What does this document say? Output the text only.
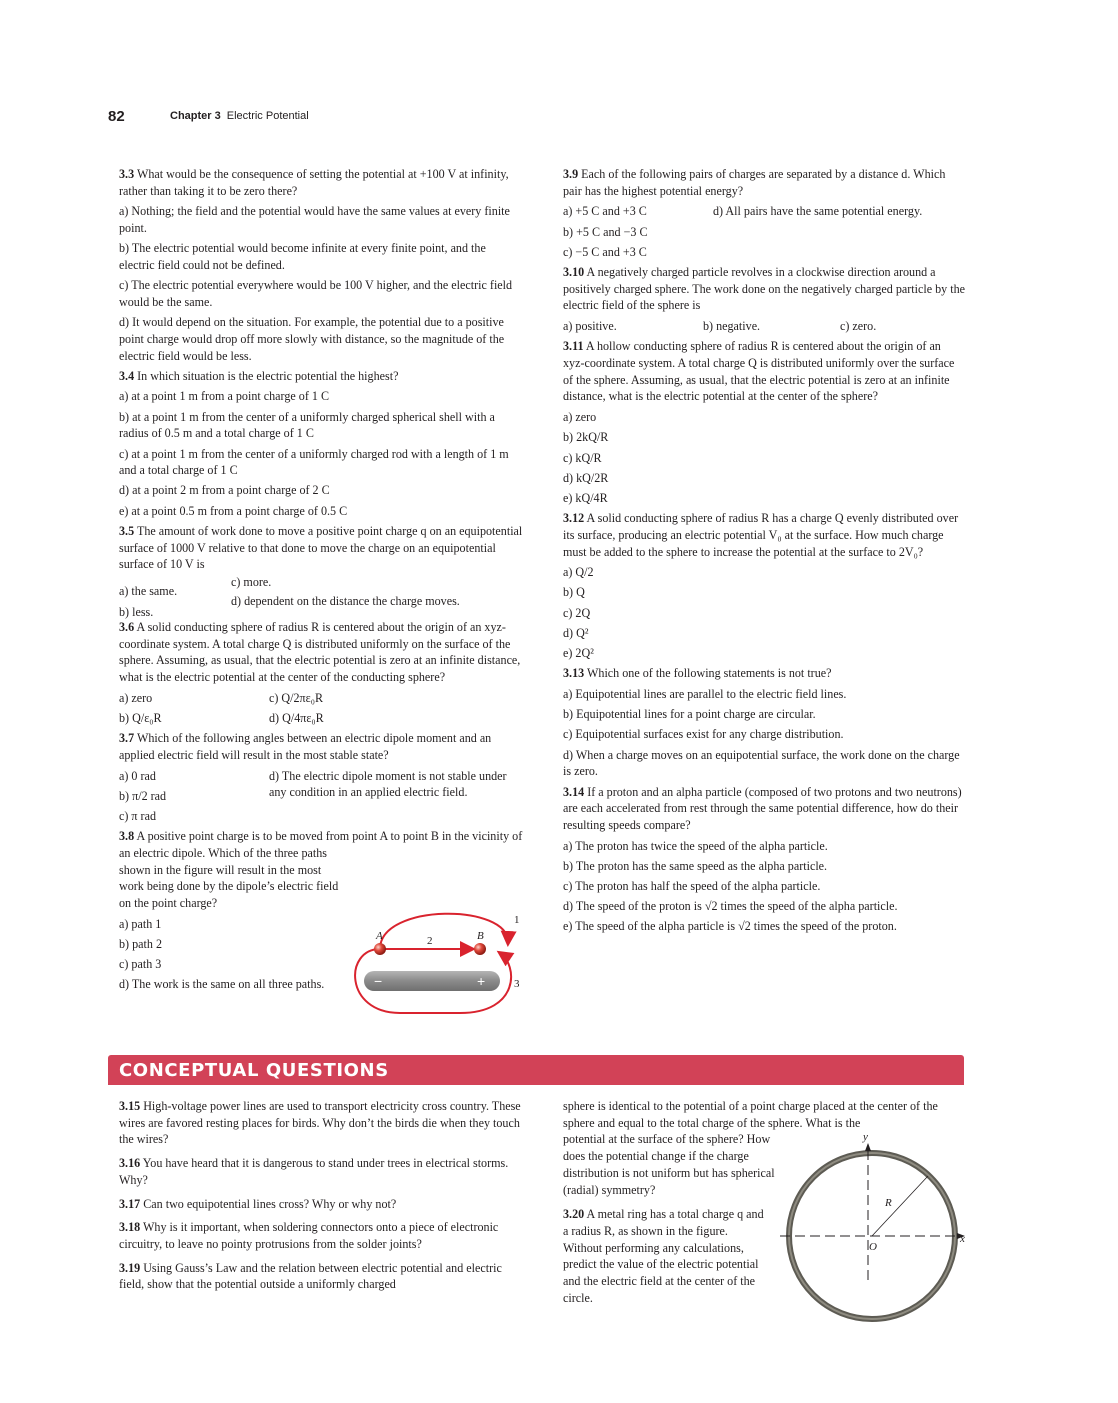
82	Chapter 3 Electric Potential

3.3 What would be the consequence of setting the potential at +100 V at infinity, rather than taking it to be zero there?

a) Nothing; the field and the potential would have the same values at every finite point.

b) The electric potential would become infinite at every finite point, and the electric field could not be defined.

c) The electric potential everywhere would be 100 V higher, and the electric field would be the same.

d) It would depend on the situation. For example, the potential due to a positive point charge would drop off more slowly with distance, so the magnitude of the electric field would be less.

3.4 In which situation is the electric potential the highest?

a) at a point 1 m from a point charge of 1 C

b) at a point 1 m from the center of a uniformly charged spherical shell with a radius of 0.5 m and a total charge of 1 C

c) at a point 1 m from the center of a uniformly charged rod with a length of 1 m and a total charge of 1 C

d) at a point 2 m from a point charge of 2 C

e) at a point 0.5 m from a point charge of 0.5 C

3.5 The amount of work done to move a positive point charge q on an equipotential surface of 1000 V relative to that done to move the charge on an equipotential surface of 10 V is

a) the same.

b) less.

c) more.

d) dependent on the distance the charge moves.

3.6 A solid conducting sphere of radius R is centered about the origin of an xyz-coordinate system. A total charge Q is distributed uniformly on the surface of the sphere. Assuming, as usual, that the electric potential is zero at an infinite distance, what is the electric potential at the center of the conducting sphere?

a) zero	c) Q/2πε₀R

b) Q/ε₀R	d) Q/4πε₀R

3.7 Which of the following angles between an electric dipole moment and an applied electric field will result in the most stable state?

a) 0 rad

b) π/2 rad

c) π rad

d) The electric dipole moment is not stable under any condition in an applied electric field.

3.8 A positive point charge is to be moved from point A to point B in the vicinity of an electric dipole. Which of the three paths

shown in the figure will result in the most work being done by the dipole’s electric field on the point charge?

a) path 1

b) path 2

c) path 3

d) The work is the same on all three paths.	−	+
A	B
1
2
3

3.9 Each of the following pairs of charges are separated by a distance d. Which pair has the highest potential energy?

a) +5 C and +3 C

b) +5 C and −3 C

c) −5 C and +3 C

d) All pairs have the same potential energy.

3.10 A negatively charged particle revolves in a clockwise direction around a positively charged sphere. The work done on the negatively charged particle by the electric field of the sphere is

a) positive.	b) negative.	c) zero.

3.11 A hollow conducting sphere of radius R is centered about the origin of an xyz-coordinate system. A total charge Q is distributed uniformly over the surface of the sphere. Assuming, as usual, that the electric potential is zero at an infinite distance, what is the electric potential at the center of the sphere?

a) zero

b) 2kQ/R

c) kQ/R

d) kQ/2R

e) kQ/4R

3.12 A solid conducting sphere of radius R has a charge Q evenly distributed over its surface, producing an electric potential V₀ at the surface. How much charge must be added to the sphere to increase the potential at the surface to 2V₀?

a) Q/2

b) Q

c) 2Q

d) Q²

e) 2Q²

3.13 Which one of the following statements is not true?

a) Equipotential lines are parallel to the electric field lines.

b) Equipotential lines for a point charge are circular.

c) Equipotential surfaces exist for any charge distribution.

d) When a charge moves on an equipotential surface, the work done on the charge is zero.

3.14 If a proton and an alpha particle (composed of two protons and two neutrons) are each accelerated from rest through the same potential difference, how do their resulting speeds compare?

a) The proton has twice the speed of the alpha particle.

b) The proton has the same speed as the alpha particle.

c) The proton has half the speed of the alpha particle.

d) The speed of the proton is √2 times the speed of the alpha particle.

e) The speed of the alpha particle is √2 times the speed of the proton.

CONCEPTUAL QUESTIONS

3.15 High-voltage power lines are used to transport electricity cross country. These wires are favored resting places for birds. Why don’t the birds die when they touch the wires?

3.16 You have heard that it is dangerous to stand under trees in electrical storms. Why?

3.17 Can two equipotential lines cross? Why or why not?

3.18 Why is it important, when soldering connectors onto a piece of electronic circuitry, to leave no pointy protrusions from the solder joints?

3.19 Using Gauss’s Law and the relation between electric potential and electric field, show that the potential outside a uniformly charged

sphere is identical to the potential of a point charge placed at the center of the sphere and equal to the total charge of the sphere. What is the

potential at the surface of the sphere? How does the potential change if the charge distribution is not uniform but has spherical (radial) symmetry?

3.20 A metal ring has a total charge q and a radius R, as shown in the figure. Without performing any calculations, predict the value of the electric potential and the electric field at the center of the circle.

y
x
R
O
